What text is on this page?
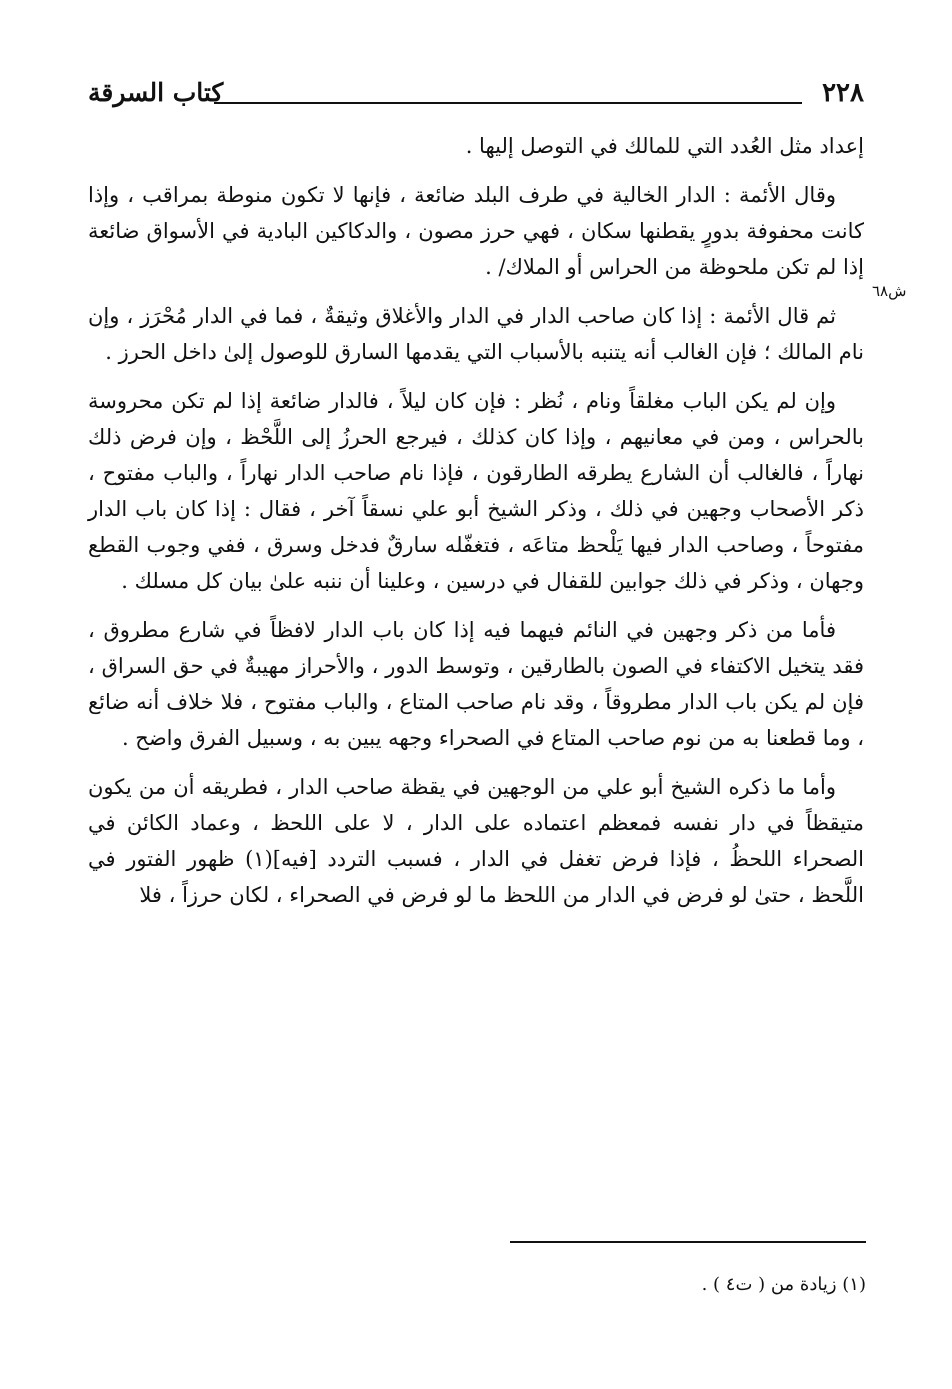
٢٢٨
كتاب السرقة
ش٦٨

إعداد مثل العُدد التي للمالك في التوصل إليها .

وقال الأئمة : الدار الخالية في طرف البلد ضائعة ، فإنها لا تكون منوطة بمراقب ، وإذا كانت محفوفة بدورٍ يقطنها سكان ، فهي حرز مصون ، والدكاكين البادية في الأسواق ضائعة إذا لم تكن ملحوظة من الحراس أو الملاك/ .

ثم قال الأئمة : إذا كان صاحب الدار في الدار والأغلاق وثيقةٌ ، فما في الدار مُحْرَز ، وإن نام المالك ؛ فإن الغالب أنه يتنبه بالأسباب التي يقدمها السارق للوصول إلىٰ داخل الحرز .

وإن لم يكن الباب مغلقاً ونام ، نُظر : فإن كان ليلاً ، فالدار ضائعة إذا لم تكن محروسة بالحراس ، ومن في معانيهم ، وإذا كان كذلك ، فيرجع الحرزُ إلى اللَّحْظ ، وإن فرض ذلك نهاراً ، فالغالب أن الشارع يطرقه الطارقون ، فإذا نام صاحب الدار نهاراً ، والباب مفتوح ، ذكر الأصحاب وجهين في ذلك ، وذكر الشيخ أبو علي نسقاً آخر ، فقال : إذا كان باب الدار مفتوحاً ، وصاحب الدار فيها يَلْحظ متاعَه ، فتغفّله سارقٌ فدخل وسرق ، ففي وجوب القطع وجهان ، وذكر في ذلك جوابين للقفال في درسين ، وعلينا أن ننبه علىٰ بيان كل مسلك .

فأما من ذكر وجهين في النائم فيهما فيه إذا كان باب الدار لافظاً في شارع مطروق ، فقد يتخيل الاكتفاء في الصون بالطارقين ، وتوسط الدور ، والأحراز مهيبةٌ في حق السراق ، فإن لم يكن باب الدار مطروقاً ، وقد نام صاحب المتاع ، والباب مفتوح ، فلا خلاف أنه ضائع ، وما قطعنا به من نوم صاحب المتاع في الصحراء وجهه يبين به ، وسبيل الفرق واضح .

وأما ما ذكره الشيخ أبو علي من الوجهين في يقظة صاحب الدار ، فطريقه أن من يكون متيقظاً في دار نفسه فمعظم اعتماده على الدار ، لا على اللحظ ، وعماد الكائن في الصحراء اللحظُ ، فإذا فرض تغفل في الدار ، فسبب التردد [فيه](١) ظهور الفتور في اللَّحظ ، حتىٰ لو فرض في الدار من اللحظ ما لو فرض في الصحراء ، لكان حرزاً ، فلا

(١) زيادة من ( ت٤ ) .
